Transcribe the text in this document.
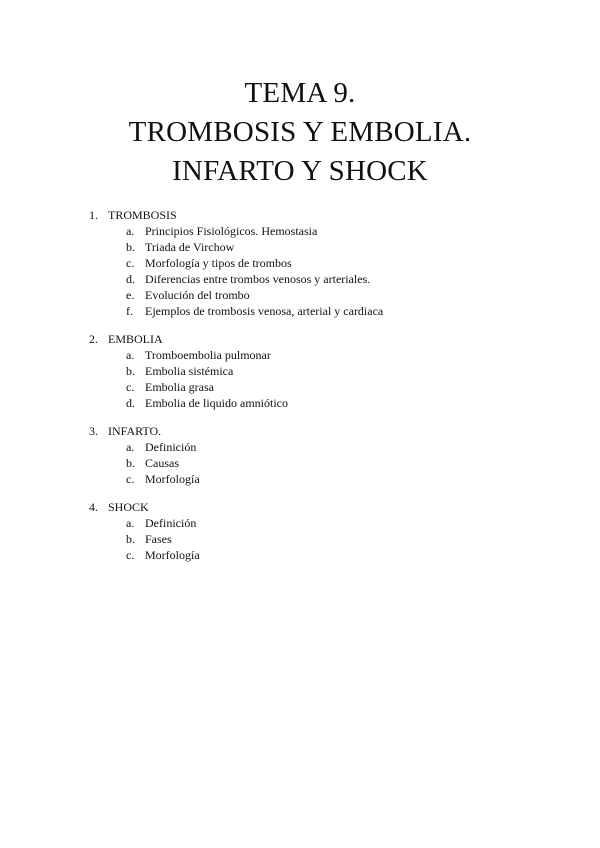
TEMA 9.
TROMBOSIS Y EMBOLIA.
INFARTO Y SHOCK
1. TROMBOSIS
a. Principios Fisiológicos. Hemostasia
b. Triada de Virchow
c. Morfología y tipos de trombos
d. Diferencias entre trombos venosos y arteriales.
e. Evolución del trombo
f.	Ejemplos de trombosis venosa, arterial y cardiaca
2. EMBOLIA
a. Tromboembolia pulmonar
b. Embolia sistémica
c. Embolia grasa
d. Embolia de liquido amniótico
3. INFARTO.
a. Definición
b. Causas
c. Morfología
4. SHOCK
a. Definición
b. Fases
c. Morfología
